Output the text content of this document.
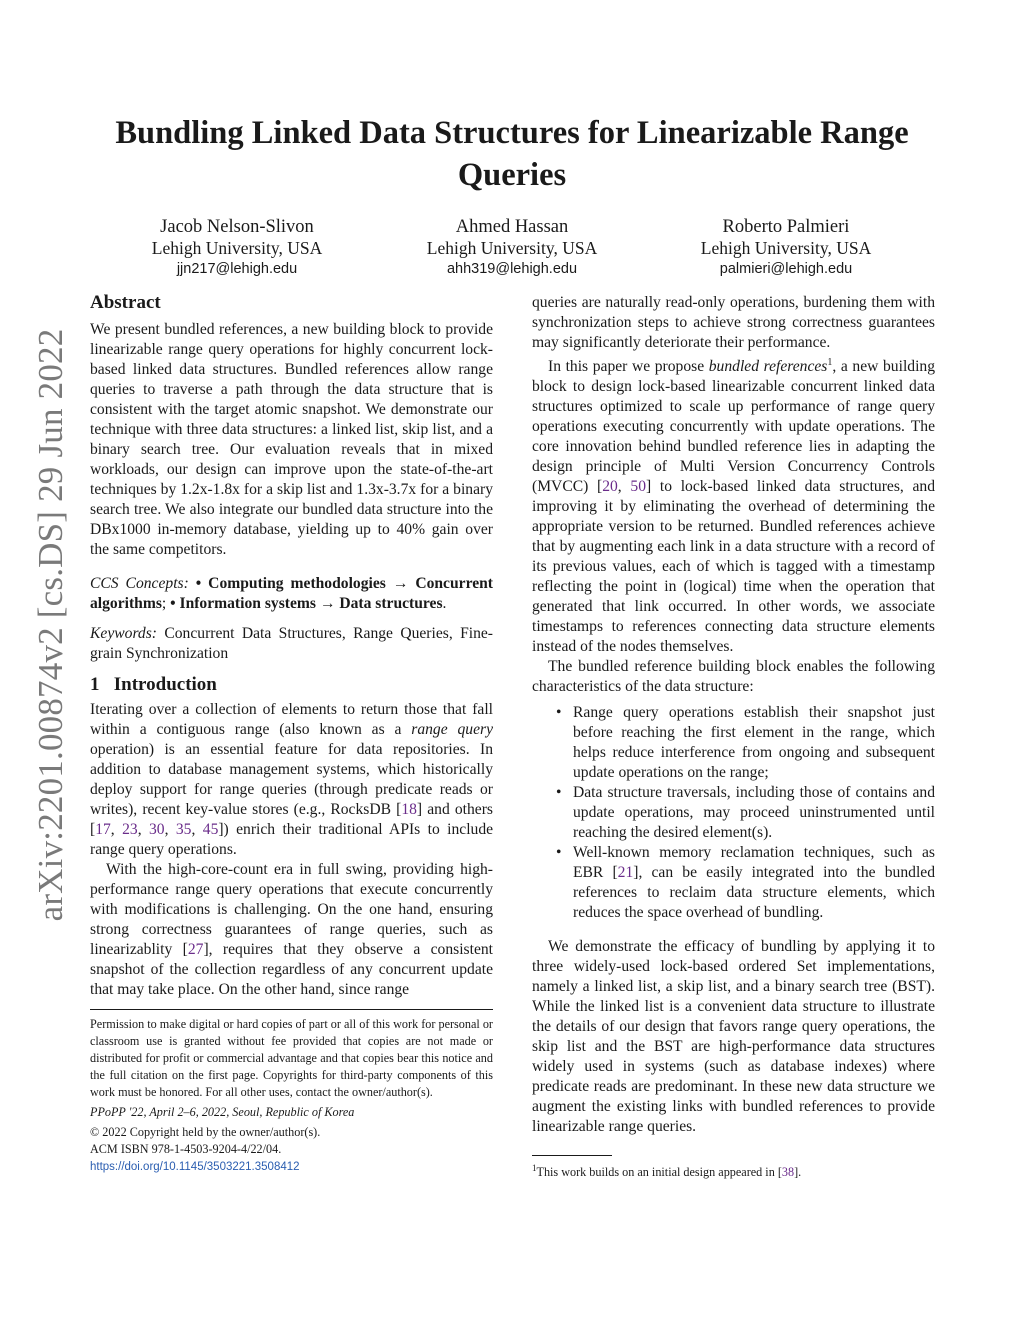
arXiv:2201.00874v2 [cs.DS] 29 Jun 2022
Bundling Linked Data Structures for Linearizable Range Queries
Jacob Nelson-Slivon
Lehigh University, USA
jjn217@lehigh.edu
Ahmed Hassan
Lehigh University, USA
ahh319@lehigh.edu
Roberto Palmieri
Lehigh University, USA
palmieri@lehigh.edu
Abstract

We present bundled references, a new building block to provide linearizable range query operations for highly concurrent lock-based linked data structures. Bundled references allow range queries to traverse a path through the data structure that is consistent with the target atomic snapshot. We demonstrate our technique with three data structures: a linked list, skip list, and a binary search tree. Our evaluation reveals that in mixed workloads, our design can improve upon the state-of-the-art techniques by 1.2x-1.8x for a skip list and 1.3x-3.7x for a binary search tree. We also integrate our bundled data structure into the DBx1000 in-memory database, yielding up to 40% gain over the same competitors.

CCS Concepts: • Computing methodologies → Concurrent algorithms; • Information systems → Data structures.

Keywords: Concurrent Data Structures, Range Queries, Fine-grain Synchronization

1 Introduction

Iterating over a collection of elements to return those that fall within a contiguous range (also known as a range query operation) is an essential feature for data repositories. In addition to database management systems, which historically deploy support for range queries (through predicate reads or writes), recent key-value stores (e.g., RocksDB [18] and others [17, 23, 30, 35, 45]) enrich their traditional APIs to include range query operations.

With the high-core-count era in full swing, providing high-performance range query operations that execute concurrently with modifications is challenging. On the one hand, ensuring strong correctness guarantees of range queries, such as linearizablity [27], requires that they observe a consistent snapshot of the collection regardless of any concurrent update that may take place. On the other hand, since range

Permission to make digital or hard copies of part or all of this work for personal or classroom use is granted without fee provided that copies are not made or distributed for profit or commercial advantage and that copies bear this notice and the full citation on the first page. Copyrights for third-party components of this work must be honored. For all other uses, contact the owner/author(s).

PPoPP '22, April 2–6, 2022, Seoul, Republic of Korea

© 2022 Copyright held by the owner/author(s).

ACM ISBN 978-1-4503-9204-4/22/04.

https://doi.org/10.1145/3503221.3508412

queries are naturally read-only operations, burdening them with synchronization steps to achieve strong correctness guarantees may significantly deteriorate their performance.

In this paper we propose bundled references$^1$, a new building block to design lock-based linearizable concurrent linked data structures optimized to scale up performance of range query operations executing concurrently with update operations. The core innovation behind bundled reference lies in adapting the design principle of Multi Version Concurrency Controls (MVCC) [20, 50] to lock-based linked data structures, and improving it by eliminating the overhead of determining the appropriate version to be returned. Bundled references achieve that by augmenting each link in a data structure with a record of its previous values, each of which is tagged with a timestamp reflecting the point in (logical) time when the operation that generated that link occurred. In other words, we associate timestamps to references connecting data structure elements instead of the nodes themselves.

The bundled reference building block enables the following characteristics of the data structure:

• Range query operations establish their snapshot just before reaching the first element in the range, which helps reduce interference from ongoing and subsequent update operations on the range;
• Data structure traversals, including those of contains and update operations, may proceed uninstrumented until reaching the desired element(s).
• Well-known memory reclamation techniques, such as EBR [21], can be easily integrated into the bundled references to reclaim data structure elements, which reduces the space overhead of bundling.

We demonstrate the efficacy of bundling by applying it to three widely-used lock-based ordered Set implementations, namely a linked list, a skip list, and a binary search tree (BST). While the linked list is a convenient data structure to illustrate the details of our design that favors range query operations, the skip list and the BST are high-performance data structures widely used in systems (such as database indexes) where predicate reads are predominant. In these new data structure we augment the existing links with bundled references to provide linearizable range queries.

$^1$This work builds on an initial design appeared in [38].
